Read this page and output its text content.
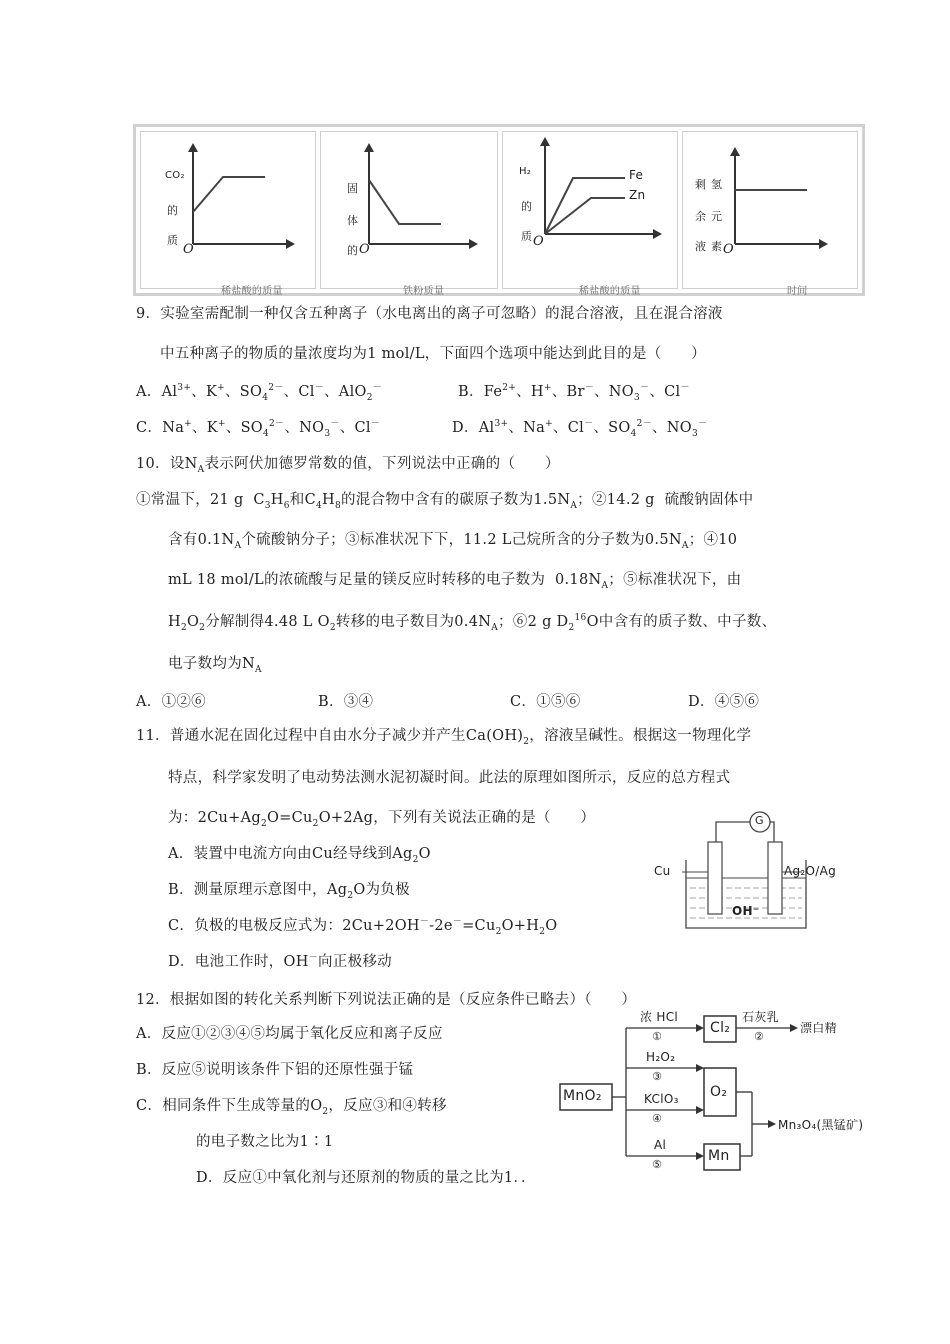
CO₂
的
质
O
稀盐酸的质量
固
体
的 O
铁粉质量
H₂
的
质 O
Fe
Zn
稀盐酸的质量
剩
余
液
氢
元
素 O
时间
9．实验室需配制一种仅含五种离子（水电离出的离子可忽略）的混合溶液，且在混合溶液
中五种离子的物质的量浓度均为1 mol/L，下面四个选项中能达到此目的是（　　）
A．$Al^{3+}$、K+、$SO_4^{2-}$、Cl－、AlO$_2$－	B．$Fe^{2+}$、H+、Br－、$NO_3^-$、Cl－
C．Na+、K+、$SO_4^{2-}$、$NO_3^-$、Cl－	D．$Al^{3+}$、Na+、Cl－、$SO_4^{2-}$、$NO_3^-$
10．设$N_A$表示阿伏加德罗常数的值，下列说法中正确的（　　）
①常温下，21 g  $C_3H_6$和$C_4H_8$的混合物中含有的碳原子数为$1.5N_A$；②14.2 g  硫酸钠固体中
含有$0.1N_A$个硫酸钠分子；③标准状况下下，11.2 L己烷所含的分子数为$0.5N_A$；④10
mL 18 mol/L的浓硫酸与足量的镁反应时转移的电子数为  $0.18N_A$；⑤标准状况下，由
$H_2O_2$分解制得4.48 L $O_2$转移的电子数目为$0.4N_A$；⑥2 g $D_2^{16}O$中含有的质子数、中子数、
电子数均为$N_A$
A．①②⑥	B．③④	C．①⑤⑥	D．④⑤⑥
11．普通水泥在固化过程中自由水分子减少并产生$Ca(OH)_2$，溶液呈碱性。根据这一物理化学
特点，科学家发明了电动势法测水泥初凝时间。此法的原理如图所示，反应的总方程式
为：$2Cu+Ag_2O=Cu_2O+2Ag$，下列有关说法正确的是（　　）
A．装置中电流方向由Cu经导线到$Ag_2O$
B．测量原理示意图中，$Ag_2O$为负极
C．负极的电极反应式为：$2Cu+2OH^--2e^-=Cu_2O+H_2O$
D．电池工作时，OH－向正极移动
G
Cu	Ag₂O/Ag
OH⁻
12．根据如图的转化关系判断下列说法正确的是（反应条件已略去）（　　）
A．反应①②③④⑤均属于氧化反应和离子反应
B．反应⑤说明该条件下铝的还原性强于锰
C．相同条件下生成等量的$O_2$，反应③和④转移
的电子数之比为1∶1
D．反应①中氧化剂与还原剂的物质的量之比为1．．
MnO₂
Cl₂
O₂
Mn
浓 HCl
①
石灰乳
②
漂白精
H₂O₂
③
KClO₃
④
Al
⑤
Mn₃O₄(黑锰矿)
